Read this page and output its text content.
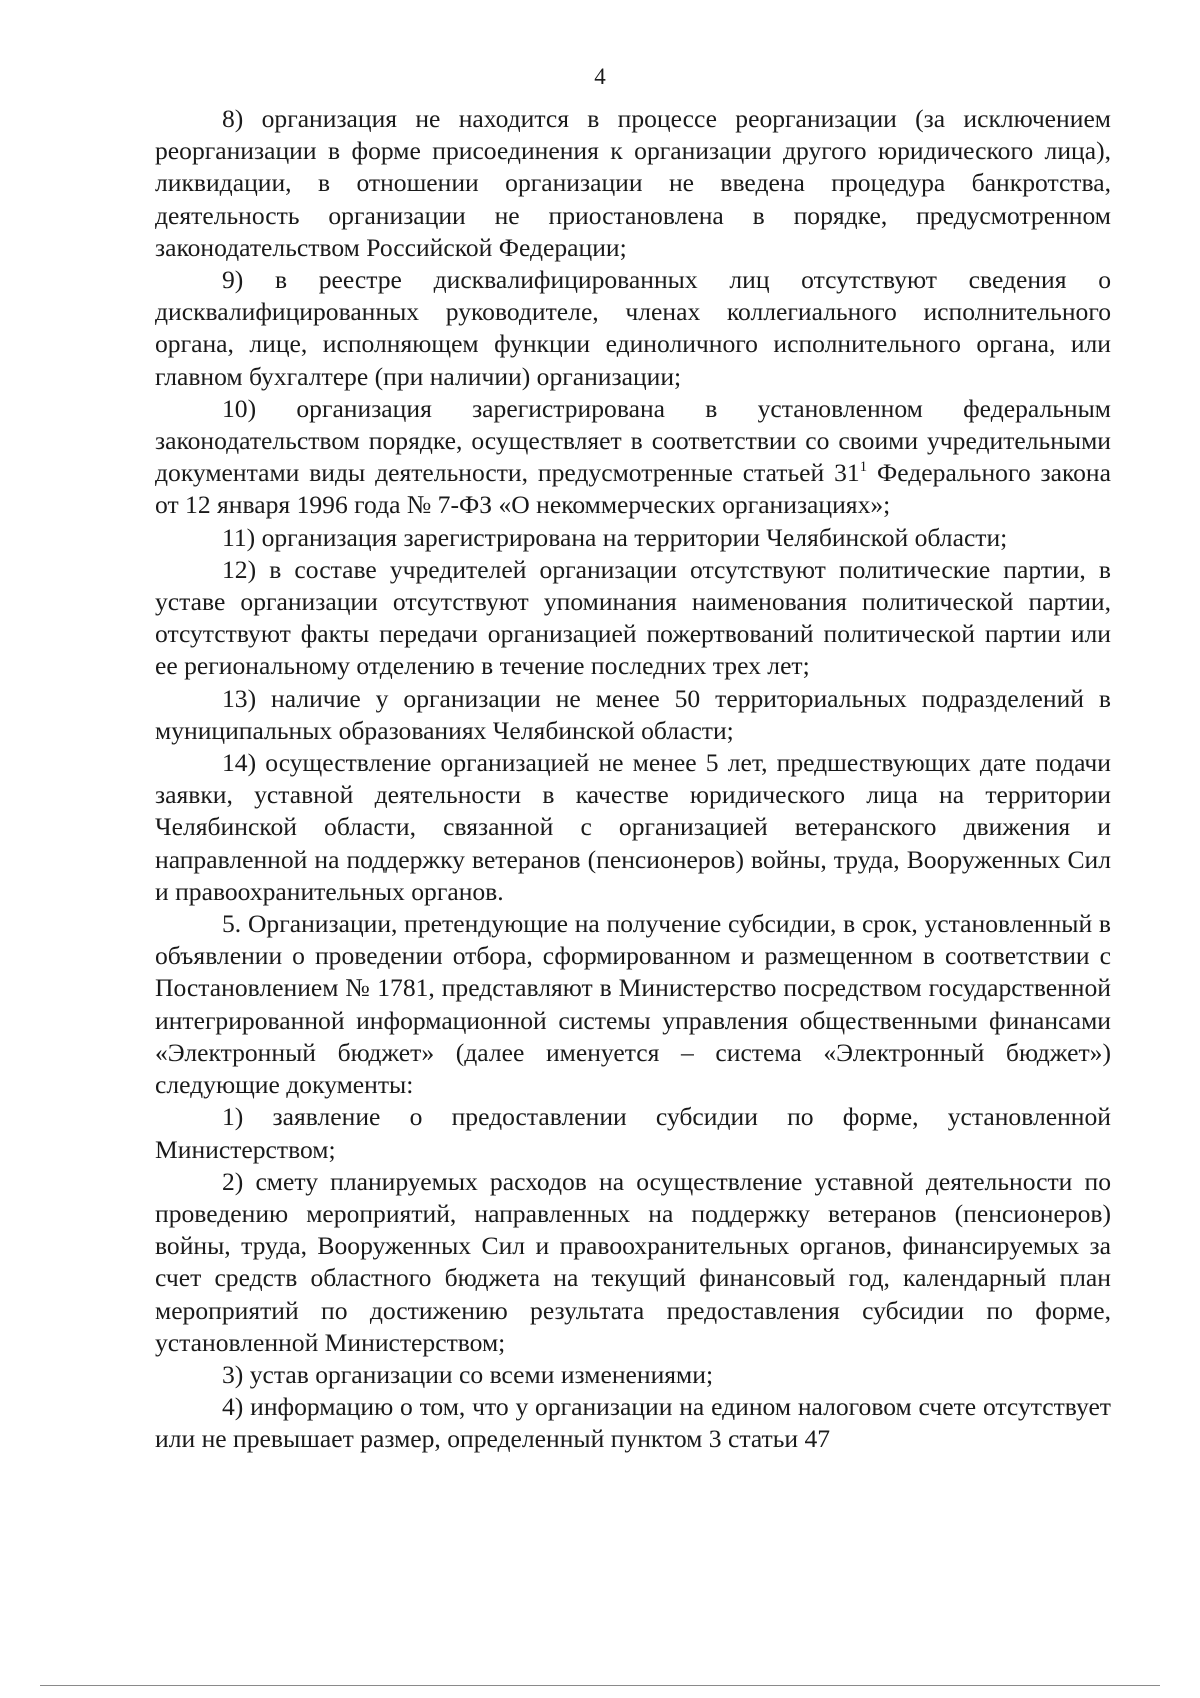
4

8) организация не находится в процессе реорганизации (за исключением реорганизации в форме присоединения к организации другого юридического лица), ликвидации, в отношении организации не введена процедура банкротства, деятельность организации не приостановлена в порядке, предусмотренном законодательством Российской Федерации;

9) в реестре дисквалифицированных лиц отсутствуют сведения о дисквалифицированных руководителе, членах коллегиального исполнительного органа, лице, исполняющем функции единоличного исполнительного органа, или главном бухгалтере (при наличии) организации;

10) организация зарегистрирована в установленном федеральным законодательством порядке, осуществляет в соответствии со своими учредительными документами виды деятельности, предусмотренные статьей $31^1$ Федерального закона от 12 января 1996 года № 7-ФЗ «О некоммерческих организациях»;

11) организация зарегистрирована на территории Челябинской области;

12) в составе учредителей организации отсутствуют политические партии, в уставе организации отсутствуют упоминания наименования политической партии, отсутствуют факты передачи организацией пожертвований политической партии или ее региональному отделению в течение последних трех лет;

13) наличие у организации не менее 50 территориальных подразделений в муниципальных образованиях Челябинской области;

14) осуществление организацией не менее 5 лет, предшествующих дате подачи заявки, уставной деятельности в качестве юридического лица на территории Челябинской области, связанной с организацией ветеранского движения и направленной на поддержку ветеранов (пенсионеров) войны, труда, Вооруженных Сил и правоохранительных органов.

5. Организации, претендующие на получение субсидии, в срок, установленный в объявлении о проведении отбора, сформированном и размещенном в соответствии с Постановлением № 1781, представляют в Министерство посредством государственной интегрированной информационной системы управления общественными финансами «Электронный бюджет» (далее именуется – система «Электронный бюджет») следующие документы:

1) заявление о предоставлении субсидии по форме, установленной Министерством;

2) смету планируемых расходов на осуществление уставной деятельности по проведению мероприятий, направленных на поддержку ветеранов (пенсионеров) войны, труда, Вооруженных Сил и правоохранительных органов, финансируемых за счет средств областного бюджета на текущий финансовый год, календарный план мероприятий по достижению результата предоставления субсидии по форме, установленной Министерством;

3) устав организации со всеми изменениями;

4) информацию о том, что у организации на едином налоговом счете отсутствует или не превышает размер, определенный пунктом 3 статьи 47
